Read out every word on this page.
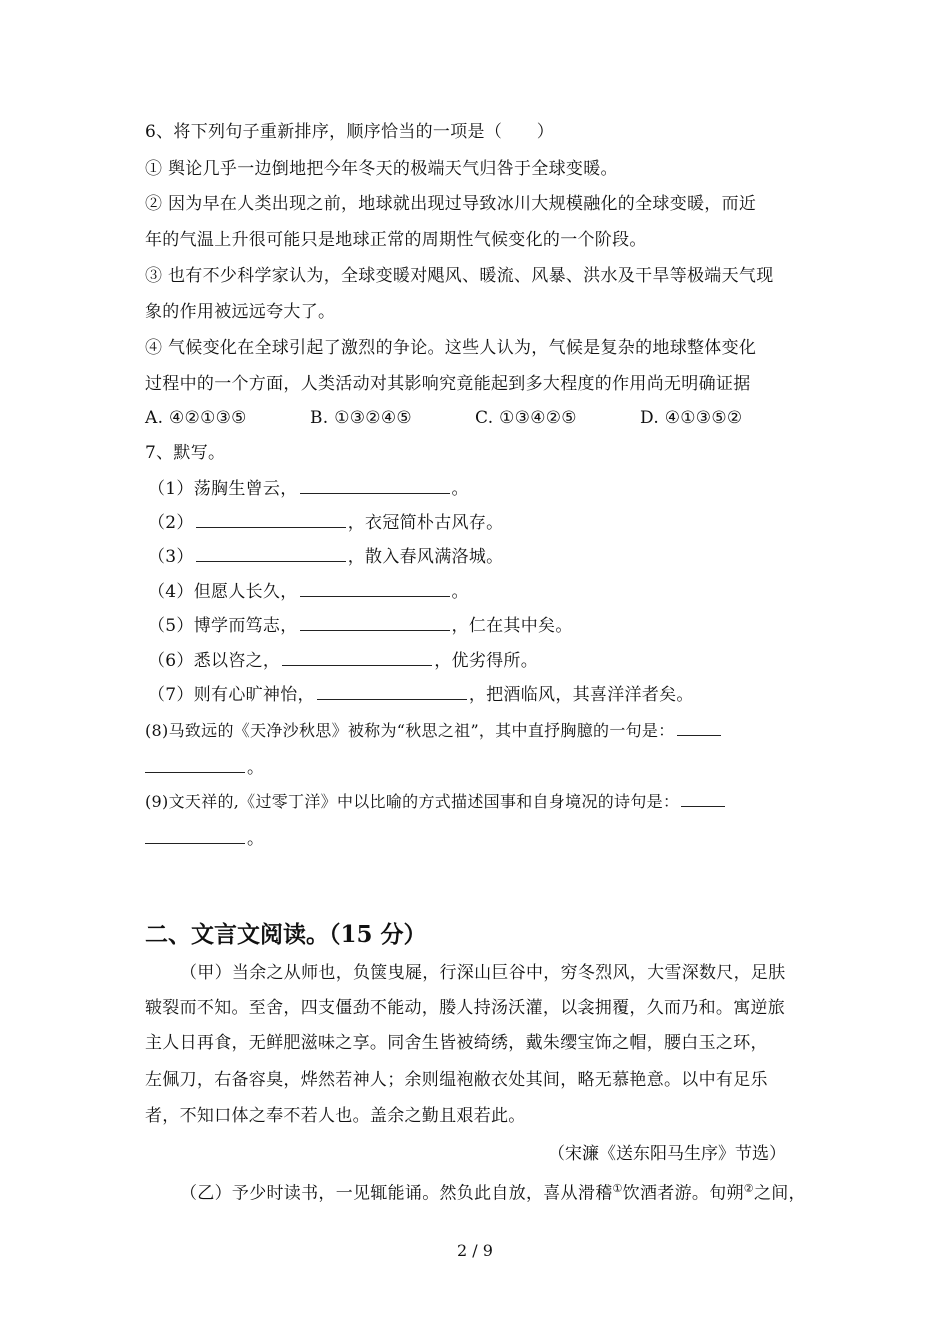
6、将下列句子重新排序，顺序恰当的一项是（　　）
① 舆论几乎一边倒地把今年冬天的极端天气归咎于全球变暖。
② 因为早在人类出现之前，地球就出现过导致冰川大规模融化的全球变暖，而近
年的气温上升很可能只是地球正常的周期性气候变化的一个阶段。
③ 也有不少科学家认为，全球变暖对飓风、暖流、风暴、洪水及干旱等极端天气现
象的作用被远远夸大了。
④ 气候变化在全球引起了激烈的争论。这些人认为，气候是复杂的地球整体变化
过程中的一个方面，人类活动对其影响究竟能起到多大程度的作用尚无明确证据
A. ④②①③⑤	B. ①③②④⑤	C. ①③④②⑤	D. ④①③⑤②
7、默写。
（1）荡胸生曾云，	。
（2）	，衣冠简朴古风存。
（3）	，散入春风满洛城。
（4）但愿人长久，	。
（5）博学而笃志，	，仁在其中矣。
（6）悉以咨之，	，优劣得所。
（7）则有心旷神怡，	，把酒临风，其喜洋洋者矣。
(8)马致远的《天净沙秋思》被称为“秋思之祖”，其中直抒胸臆的一句是：
。
(9)文天祥的,《过零丁洋》中以比喻的方式描述国事和自身境况的诗句是：
。
二、文言文阅读。（15 分）
（甲）当余之从师也，负箧曳屣，行深山巨谷中，穷冬烈风，大雪深数尺，足肤
皲裂而不知。至舍，四支僵劲不能动，媵人持汤沃灌，以衾拥覆，久而乃和。寓逆旅
主人日再食，无鲜肥滋味之享。同舍生皆被绮绣，戴朱缨宝饰之帽，腰白玉之环，
左佩刀，右备容臭，烨然若神人；余则缊袍敝衣处其间，略无慕艳意。以中有足乐
者，不知口体之奉不若人也。盖余之勤且艰若此。
（宋濂《送东阳马生序》节选）
（乙）予少时读书，一见辄能诵。然负此自放，喜从滑稽①饮酒者游。旬朔②之间，
2 / 9
